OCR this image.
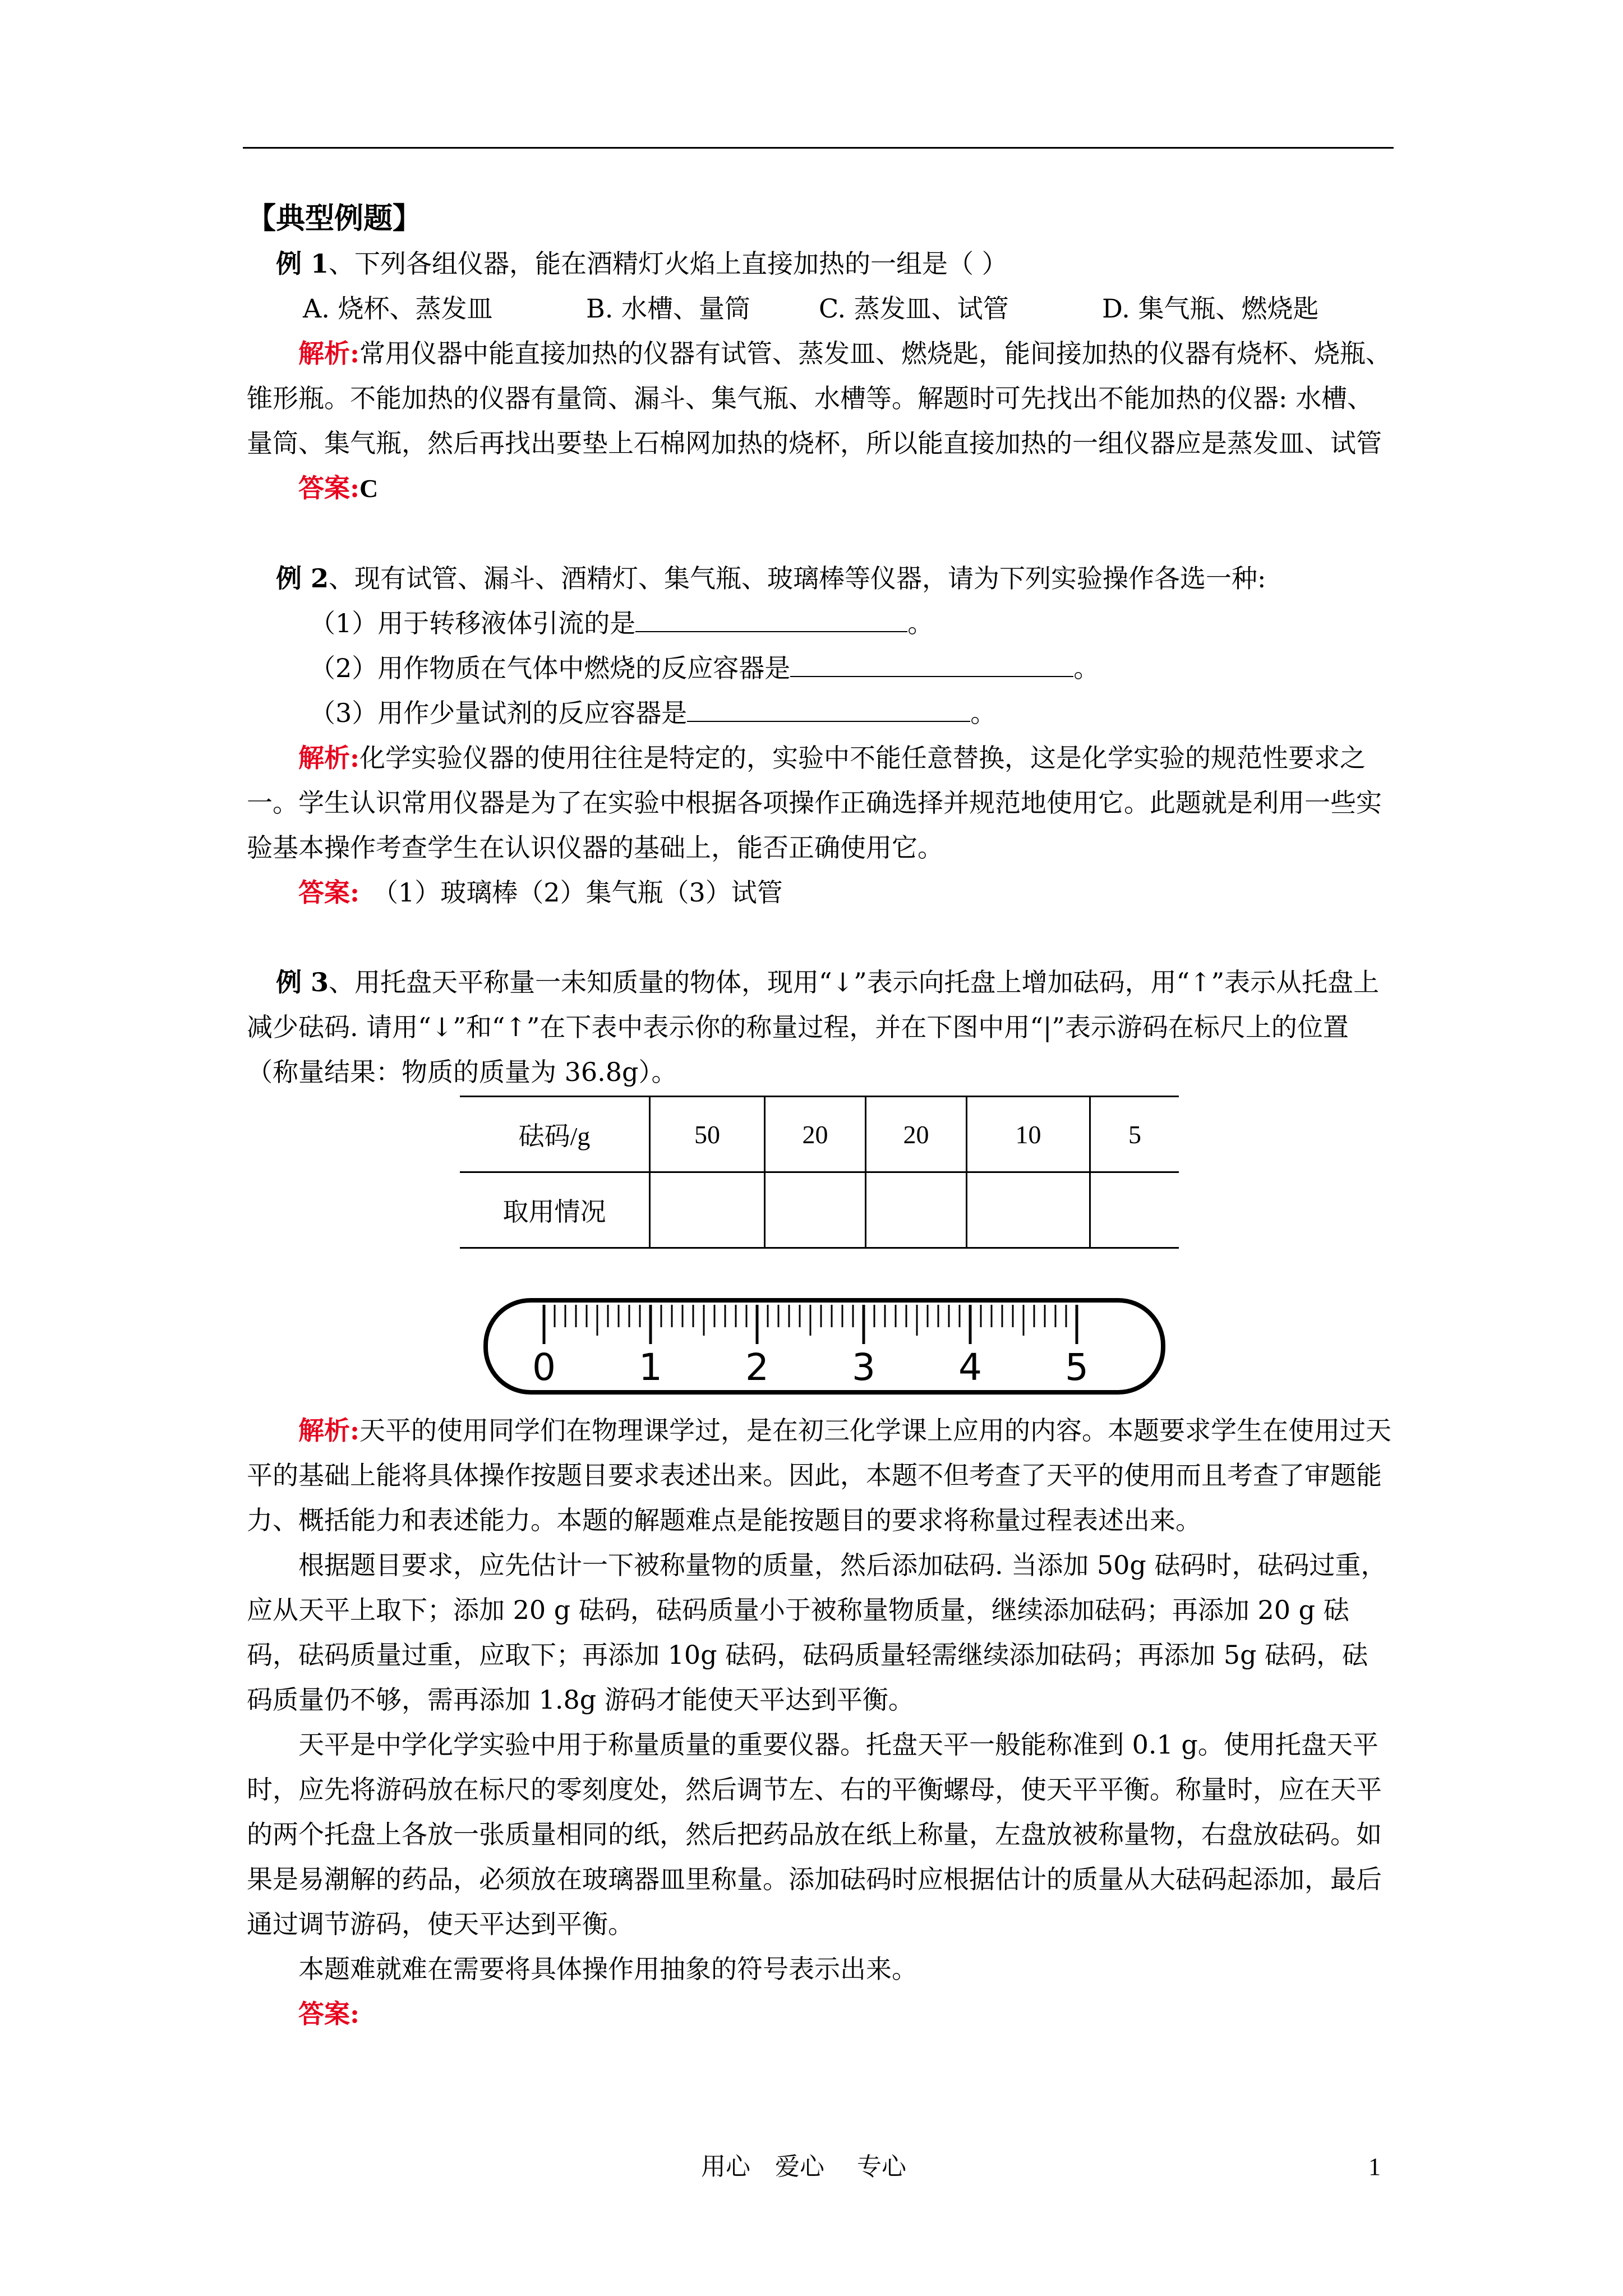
【典型例题】

例 1、下列各组仪器，能在酒精灯火焰上直接加热的一组是（ ）

A. 烧杯、蒸发皿	B. 水槽、量筒	C. 蒸发皿、试管	D. 集气瓶、燃烧匙

解析:常用仪器中能直接加热的仪器有试管、蒸发皿、燃烧匙，能间接加热的仪器有烧杯、烧瓶、锥形瓶。不能加热的仪器有量筒、漏斗、集气瓶、水槽等。解题时可先找出不能加热的仪器: 水槽、量筒、集气瓶，然后再找出要垫上石棉网加热的烧杯，所以能直接加热的一组仪器应是蒸发皿、试管

答案:C

例 2、现有试管、漏斗、酒精灯、集气瓶、玻璃棒等仪器，请为下列实验操作各选一种:

（1）用于转移液体引流的是	。

（2）用作物质在气体中燃烧的反应容器是	。

（3）用作少量试剂的反应容器是	。

解析:化学实验仪器的使用往往是特定的，实验中不能任意替换，这是化学实验的规范性要求之一。学生认识常用仪器是为了在实验中根据各项操作正确选择并规范地使用它。此题就是利用一些实验基本操作考查学生在认识仪器的基础上，能否正确使用它。

答案:　 （1）玻璃棒（2）集气瓶（3）试管

例 3、用托盘天平称量一未知质量的物体，现用“↓”表示向托盘上增加砝码，用“↑”表示从托盘上减少砝码. 请用“↓”和“↑”在下表中表示你的称量过程，并在下图中用“|”表示游码在标尺上的位置（称量结果：物质的质量为 36.8g）。

砝码/g	50	20	20	10	5
取用情况					
0 1 2 3 4 5

解析:天平的使用同学们在物理课学过，是在初三化学课上应用的内容。本题要求学生在使用过天平的基础上能将具体操作按题目要求表述出来。因此，本题不但考查了天平的使用而且考查了审题能力、概括能力和表述能力。本题的解题难点是能按题目的要求将称量过程表述出来。

根据题目要求，应先估计一下被称量物的质量，然后添加砝码. 当添加 50g 砝码时，砝码过重，应从天平上取下；添加 20 g 砝码，砝码质量小于被称量物质量，继续添加砝码；再添加 20 g 砝码，砝码质量过重，应取下；再添加 10g 砝码，砝码质量轻需继续添加砝码；再添加 5g 砝码，砝码质量仍不够，需再添加 1.8g 游码才能使天平达到平衡。

天平是中学化学实验中用于称量质量的重要仪器。托盘天平一般能称准到 0.1 g。使用托盘天平时，应先将游码放在标尺的零刻度处，然后调节左、右的平衡螺母，使天平平衡。称量时，应在天平的两个托盘上各放一张质量相同的纸，然后把药品放在纸上称量，左盘放被称量物，右盘放砝码。如果是易潮解的药品，必须放在玻璃器皿里称量。添加砝码时应根据估计的质量从大砝码起添加，最后通过调节游码，使天平达到平衡。

本题难就难在需要将具体操作用抽象的符号表示出来。

答案:

用心　爱心　 专心	1
